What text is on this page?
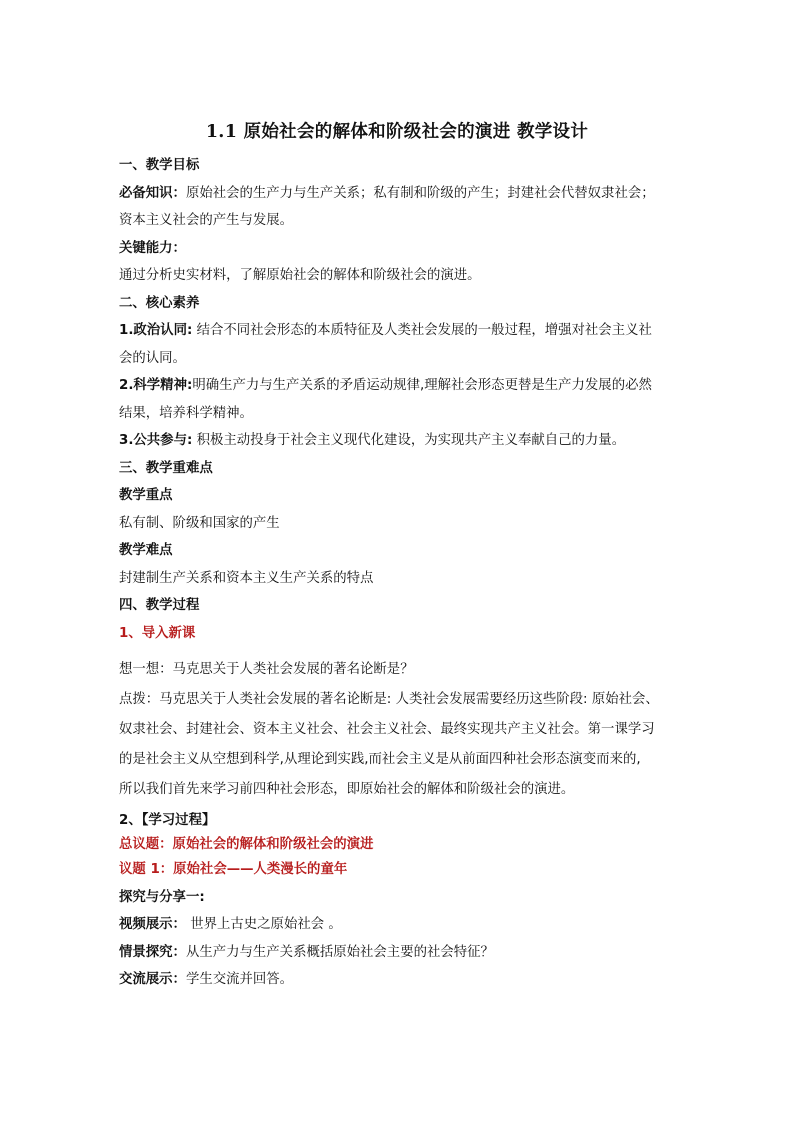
1.1 原始社会的解体和阶级社会的演进 教学设计
一、教学目标
必备知识：原始社会的生产力与生产关系；私有制和阶级的产生；封建社会代替奴隶社会；
资本主义社会的产生与发展。
关键能力：
通过分析史实材料，了解原始社会的解体和阶级社会的演进。
二、核心素养
1.政治认同: 结合不同社会形态的本质特征及人类社会发展的一般过程，增强对社会主义社
会的认同。
2.科学精神:明确生产力与生产关系的矛盾运动规律,理解社会形态更替是生产力发展的必然
结果，培养科学精神。
3.公共参与: 积极主动投身于社会主义现代化建设，为实现共产主义奉献自己的力量。
三、教学重难点
教学重点
私有制、阶级和国家的产生
教学难点
封建制生产关系和资本主义生产关系的特点
四、教学过程
1、导入新课
想一想：马克思关于人类社会发展的著名论断是？
点拨：马克思关于人类社会发展的著名论断是: 人类社会发展需要经历这些阶段: 原始社会、
奴隶社会、封建社会、资本主义社会、社会主义社会、最终实现共产主义社会。第一课学习
的是社会主义从空想到科学,从理论到实践,而社会主义是从前面四种社会形态演变而来的,
所以我们首先来学习前四种社会形态，即原始社会的解体和阶级社会的演进。
2、【学习过程】
总议题：原始社会的解体和阶级社会的演进
议题 1：原始社会——人类漫长的童年
探究与分享一:
视频展示： 世界上古史之原始社会 。
情景探究：从生产力与生产关系概括原始社会主要的社会特征？
交流展示：学生交流并回答。
